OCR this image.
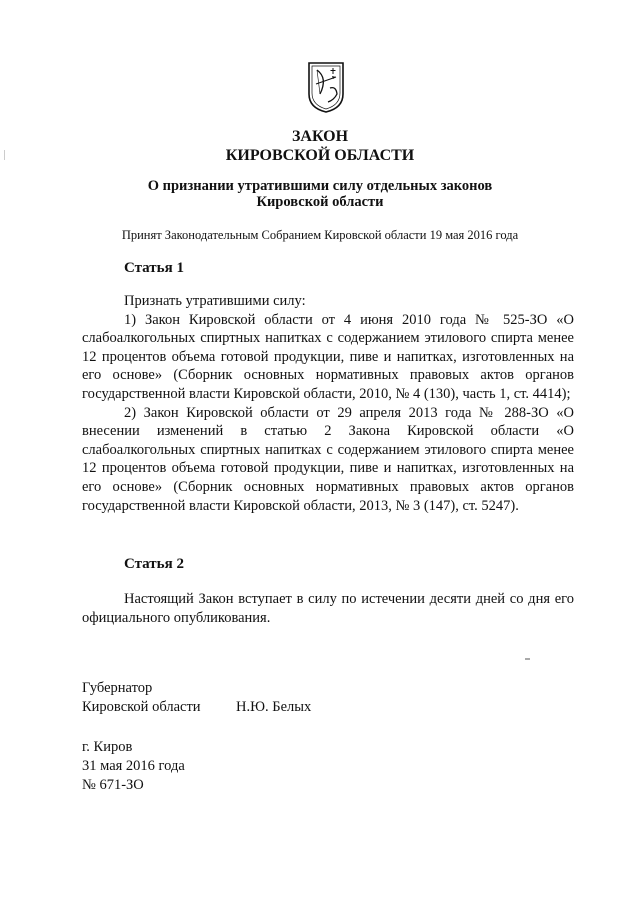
ЗАКОН
КИРОВСКОЙ ОБЛАСТИ
О признании утратившими силу отдельных законов Кировской области
Принят Законодательным Собранием Кировской области 19 мая 2016 года
Статья 1

Признать утратившими силу:

1) Закон Кировской области от 4 июня 2010 года № 525-ЗО «О слабоалкогольных спиртных напитках с содержанием этилового спирта менее 12 процентов объема готовой продукции, пиве и напитках, изготовленных на его основе» (Сборник основных нормативных правовых актов органов государственной власти Кировской области, 2010, № 4 (130), часть 1, ст. 4414);

2) Закон Кировской области от 29 апреля 2013 года № 288-ЗО «О внесении изменений в статью 2 Закона Кировской области «О слабоалкогольных спиртных напитках с содержанием этилового спирта менее 12 процентов объема готовой продукции, пиве и напитках, изготовленных на его основе» (Сборник основных нормативных правовых актов органов государственной власти Кировской области, 2013, № 3 (147), ст. 5247).

Статья 2

Настоящий Закон вступает в силу по истечении десяти дней со дня его официального опубликования.

Губернатор
Кировской области Н.Ю. Белых
г. Киров
31 мая 2016 года
№ 671-ЗО
